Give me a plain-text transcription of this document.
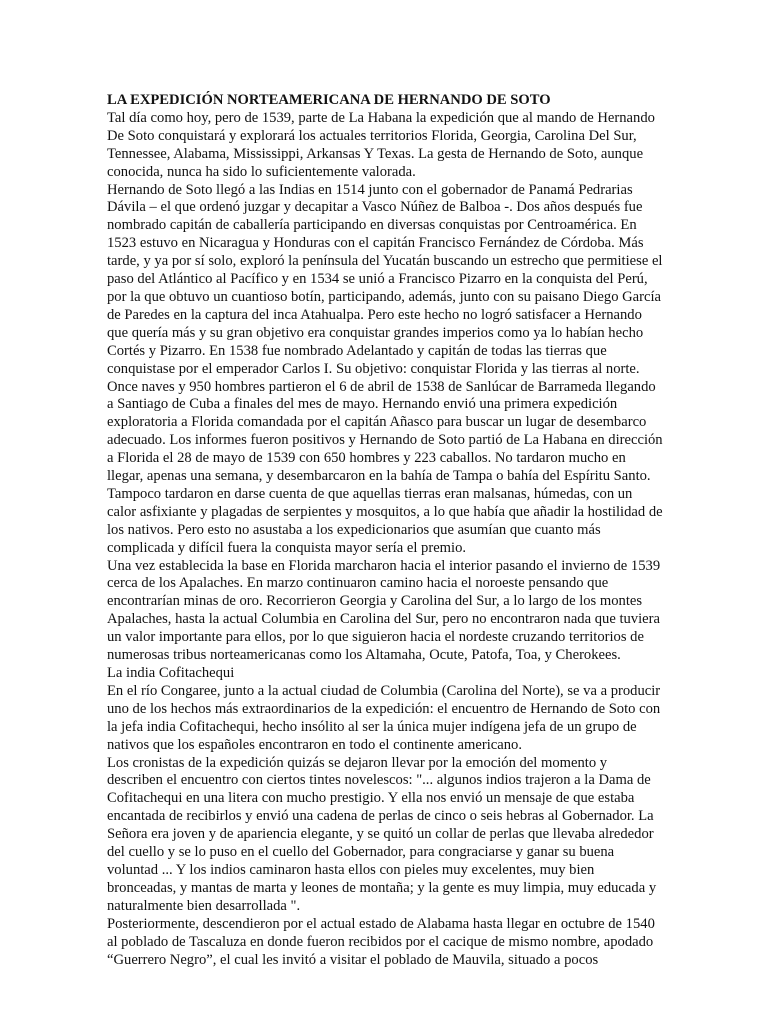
LA EXPEDICIÓN NORTEAMERICANA DE HERNANDO DE SOTO

Tal día como hoy, pero de 1539, parte de La Habana la expedición que al mando de Hernando De Soto conquistará y explorará los actuales territorios Florida, Georgia, Carolina Del Sur, Tennessee, Alabama, Mississippi, Arkansas Y Texas. La gesta de Hernando de Soto, aunque conocida, nunca ha sido lo suficientemente valorada.

Hernando de Soto llegó a las Indias en 1514 junto con el gobernador de Panamá Pedrarias Dávila – el que ordenó juzgar y decapitar a Vasco Núñez de Balboa -. Dos años después fue nombrado capitán de caballería participando en diversas conquistas por Centroamérica. En 1523 estuvo en Nicaragua y Honduras con el capitán Francisco Fernández de Córdoba. Más tarde, y ya por sí solo, exploró la península del Yucatán buscando un estrecho que permitiese el paso del Atlántico al Pacífico y en 1534 se unió a Francisco Pizarro en la conquista del Perú, por la que obtuvo un cuantioso botín, participando, además, junto con su paisano Diego García de Paredes en la captura del inca Atahualpa. Pero este hecho no logró satisfacer a Hernando que quería más y su gran objetivo era conquistar grandes imperios como ya lo habían hecho Cortés y Pizarro. En 1538 fue nombrado Adelantado y capitán de todas las tierras que conquistase por el emperador Carlos I. Su objetivo: conquistar Florida y las tierras al norte.

Once naves y 950 hombres partieron el 6 de abril de 1538 de Sanlúcar de Barrameda llegando a Santiago de Cuba a finales del mes de mayo. Hernando envió una primera expedición exploratoria a Florida comandada por el capitán Añasco para buscar un lugar de desembarco adecuado. Los informes fueron positivos y Hernando de Soto partió de La Habana en dirección a Florida el 28 de mayo de 1539 con 650 hombres y 223 caballos. No tardaron mucho en llegar, apenas una semana, y desembarcaron en la bahía de Tampa o bahía del Espíritu Santo.

Tampoco tardaron en darse cuenta de que aquellas tierras eran malsanas, húmedas, con un calor asfixiante y plagadas de serpientes y mosquitos, a lo que había que añadir la hostilidad de los nativos. Pero esto no asustaba a los expedicionarios que asumían que cuanto más complicada y difícil fuera la conquista mayor sería el premio.

Una vez establecida la base en Florida marcharon hacia el interior pasando el invierno de 1539 cerca de los Apalaches. En marzo continuaron camino hacia el noroeste pensando que encontrarían minas de oro. Recorrieron Georgia y Carolina del Sur, a lo largo de los montes Apalaches, hasta la actual Columbia en Carolina del Sur, pero no encontraron nada que tuviera un valor importante para ellos, por lo que siguieron hacia el nordeste cruzando territorios de numerosas tribus norteamericanas como los Altamaha, Ocute, Patofa, Toa, y Cherokees.

La india Cofitachequi

En el río Congaree, junto a la actual ciudad de Columbia (Carolina del Norte), se va a producir uno de los hechos más extraordinarios de la expedición: el encuentro de Hernando de Soto con la jefa india Cofitachequi, hecho insólito al ser la única mujer indígena jefa de un grupo de nativos que los españoles encontraron en todo el continente americano.

Los cronistas de la expedición quizás se dejaron llevar por la emoción del momento y describen el encuentro con ciertos tintes novelescos: "... algunos indios trajeron a la Dama de Cofitachequi en una litera con mucho prestigio. Y ella nos envió un mensaje de que estaba encantada de recibirlos y envió una cadena de perlas de cinco o seis hebras al Gobernador. La Señora era joven y de apariencia elegante, y se quitó un collar de perlas que llevaba alrededor del cuello y se lo puso en el cuello del Gobernador, para congraciarse y ganar su buena voluntad ... Y los indios caminaron hasta ellos con pieles muy excelentes, muy bien bronceadas, y mantas de marta y leones de montaña; y la gente es muy limpia, muy educada y naturalmente bien desarrollada ".

Posteriormente, descendieron por el actual estado de Alabama hasta llegar en octubre de 1540 al poblado de Tascaluza en donde fueron recibidos por el cacique de mismo nombre, apodado “Guerrero Negro”, el cual les invitó a visitar el poblado de Mauvila, situado a pocos
